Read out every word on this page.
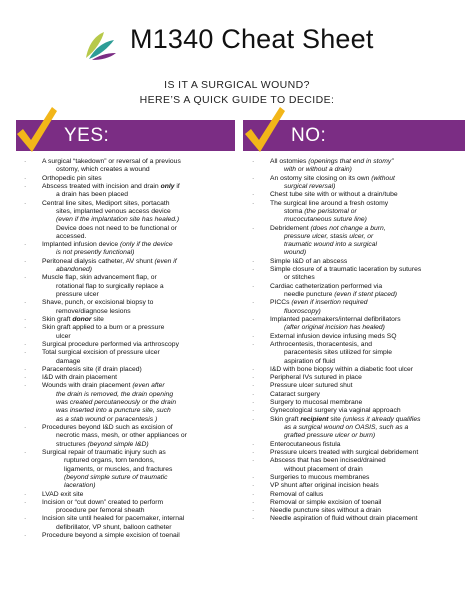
M1340 Cheat Sheet
IS IT A SURGICAL WOUND?
HERE’S A QUICK GUIDE TO DECIDE:
YES:	NO:
·	A surgical “takedown” or reversal of a previous
ostomy, which creates a wound
·	Orthopedic pin sites
·	Abscess treated with incision and drain only if
a drain has been placed
·	Central line sites, Mediport sites, portacath
sites, implanted venous access device
(even if the implantation site has healed.)
Device does not need to be functional or
accessed.
·	Implanted infusion device (only if the device
is not presently functional)
·	Peritoneal dialysis catheter, AV shunt (even if
abandoned)
·	Muscle flap, skin advancement flap, or
rotational flap to surgically replace a
pressure ulcer
·	Shave, punch, or excisional biopsy to
remove/diagnose lesions
·	Skin graft donor site
·	Skin graft applied to a burn or a pressure
ulcer
·	Surgical procedure performed via arthroscopy
·	Total surgical excision of pressure ulcer
damage
·	Paracentesis site (if drain placed)
·	I&D with drain placement
·	Wounds with drain placement (even after
the drain is removed, the drain opening
was created percutaneously or the drain
was inserted into a puncture site, such
as a stab wound or paracentesis )
·	Procedures beyond I&D such as excision of
necrotic mass, mesh, or other appliances or
structures (beyond simple I&D)
·	Surgical repair of traumatic injury such as
ruptured organs, torn tendons,
ligaments, or muscles, and fractures
(beyond simple suture of traumatic
laceration)
·	LVAD exit site
·	Incision or “cut down” created to perform
procedure per femoral sheath
·	Incision site until healed for pacemaker, internal
defibrillator, VP shunt, balloon catheter
·	Procedure beyond a simple excision of toenail
·	All ostomies (openings that end in stomy”
with or without a drain)
·	An ostomy site closing on its own (without
surgical reversal)
·	Chest tube site with or without a drain/tube
·	The surgical line around a fresh ostomy
stoma (the peristomal or
mucocutaneous suture line)
·	Debridement (does not change a burn,
pressure ulcer, stasis ulcer, or
traumatic wound into a surgical
wound)
·	Simple I&D of an abscess
·	Simple closure of a traumatic laceration by sutures
or stitches
·	Cardiac catheterization performed via
needle puncture (even if stent placed)
·	PICCs (even if insertion required
fluoroscopy)
·	Implanted pacemakers/internal defibrillators
(after original incision has healed)
·	External infusion device infusing meds SQ
·	Arthrocentesis, thoracentesis, and
paracentesis sites utilized for simple
aspiration of fluid
·	I&D with bone biopsy within a diabetic foot ulcer
·	Peripheral IVs sutured in place
·	Pressure ulcer sutured shut
·	Cataract surgery
·	Surgery to mucosal membrane
·	Gynecological surgery via vaginal approach
·	Skin graft recipient site (unless it already qualifies
as a surgical wound on OASIS, such as a
grafted pressure ulcer or burn)
·	Enterocutaneous fistula
·	Pressure ulcers treated with surgical debridement
·	Abscess that has been incised/drained
without placement of drain
·	Surgeries to mucous membranes
·	VP shunt after original incision heals
·	Removal of callus
·	Removal or simple excision of toenail
·	Needle puncture sites without a drain
·	Needle aspiration of fluid without drain placement
